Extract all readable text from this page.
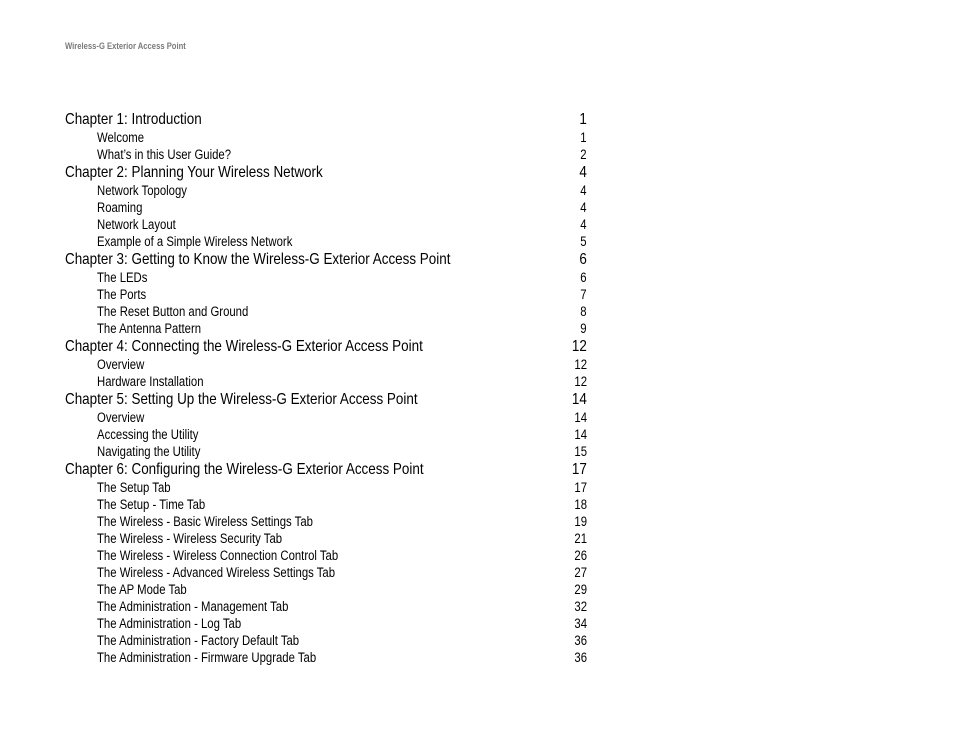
Wireless-G Exterior Access Point
Chapter 1: Introduction	1
Welcome	1
What’s in this User Guide?	2
Chapter 2: Planning Your Wireless Network	4
Network Topology	4
Roaming	4
Network Layout	4
Example of a Simple Wireless Network	5
Chapter 3: Getting to Know the Wireless-G Exterior Access Point	6
The LEDs	6
The Ports	7
The Reset Button and Ground	8
The Antenna Pattern	9
Chapter 4: Connecting the Wireless-G Exterior Access Point	12
Overview	12
Hardware Installation	12
Chapter 5: Setting Up the Wireless-G Exterior Access Point	14
Overview	14
Accessing the Utility	14
Navigating the Utility	15
Chapter 6: Configuring the Wireless-G Exterior Access Point	17
The Setup Tab	17
The Setup - Time Tab	18
The Wireless - Basic Wireless Settings Tab	19
The Wireless - Wireless Security Tab	21
The Wireless - Wireless Connection Control Tab	26
The Wireless - Advanced Wireless Settings Tab	27
The AP Mode Tab	29
The Administration - Management Tab	32
The Administration - Log Tab	34
The Administration - Factory Default Tab	36
The Administration - Firmware Upgrade Tab	36
